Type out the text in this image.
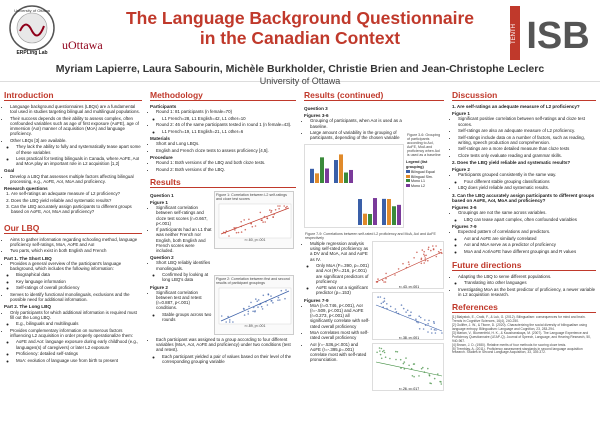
University of Ottawa
ERPLing Lab
uOttawa
The Language Background Questionnaire in the Canadian Context	TENTH ISB
Myriam Lapierre, Laura Sabourin, Michèle Burkholder, Christie Brien and Jean-Christophe Leclerc
University of Ottawa
Introduction
• Language background questionnaires (LBQs) are a fundamental tool used in studies targeting bilingual and multilingual populations.
• Their success depends on their ability to assess complex, often confounded variables such as age of first exposure (AoFE), age of immersion (AoI) manner of acquisition (MoA) and language proficiency.
• Other LBQs [3] are available.
◦ They lack the ability to fully and systematically tease apart some of these variables
◦ Less practical for testing bilinguals in Canada, where AoFE, AoI and MoA play an important role in L2 acquisition [1,2]
Goal
• Develop a LBQ that assesses multiple factors affecting bilingual processing, e.g., AoFE, AoI, MoA and proficiency.
Research questions
1. Are self-ratings an adequate measure of L2 proficiency?
2. Does the LBQ yield reliable and systematic results?
3. Can the LBQ accurately assign participants to different groups based on AoFE, AoI, MoA and proficiency?
Our LBQ
• Aims to gather information regarding schooling method, language proficiency self-ratings, MoA, AoFE and AoI
• Two parts, which exist in both English and French
Part 1. The Short LBQ
• Provides a general overview of the participant's language background, which includes the following information:
◦ Biographical data
◦ Key language information
◦ Self-ratings of overall proficiency
• Serves to identify functional monolinguals, exclusions and the possible need for additional information.
Part 2. The Long LBQ
• Only participants for which additional information is required must fill out the Long LBQ.
◦ E.g., bilinguals and multilinguals
• Provides complementary information on numerous factors influencing L2 acquisition in order properly operationalize them:
◦ AoFE and AoI: language exposure during early childhood (e.g., languages(s) of caregivers) or later L2 exposure
◦ Proficiency: detailed self-ratings
◦ MoA: evolution of language use from birth to present
Methodology
Participants
• Round 1: 81 participants (n female=70)
◦ L1 French=28, L1 English=42, L1 other=10
• Round 2: 46 of the same participants tested in round 1 (n female=43).
◦ L1 French=19, L1 English=21, L1 other=6
Materials
• Short and Long LBQs.
• English and French cloze tests to assess proficiency [4,5].
Procedure
• Round 1: Both versions of the LBQ and both cloze tests.
• Round 2: Both versions of the LBQ.
Results
Question 1
Figure 1
• Significant correlation between self-ratings and cloze test scores (r=0.667, p<.001)
• If participants had an L1 that was neither French nor English, both English and French scores were included.
Question 2
• Short LBQ reliably identifies monolinguals.
◦ Confirmed by looking at long LBQ's data
Figure 2
• Significant correlation between test and retest (r=0.887, p<.001) conditions.
◦ Stable groups across two rounds
Figure 1: Correlation between L2 self-ratings and cloze test scores
r=.60, p<.001
Figure 2: Correlation between first and second results of participant groupings
r=.89, p<.001
• Each participant was assigned to a group according to four different variables (MoA, AoI, AoFE and proficiency) under two conditions (test and retest).
◦ Each participant yielded a pair of values based on their level of the corresponding grouping variable
Results (continued)
Question 3
Figures 3-6
• Grouping of participants, when AoI is used as a baseline.
• Large amount of variability in the grouping of participants, depending of the chosen variable
Figure 3-6: Grouping of participants according to AoI, AoFE, MoA and proficiency when AoI is used as a baseline
Legend (list grouping)
Bilingual Equal
Bilingual Sim.
Mono L1
Mono L2
Figure 7-9: Correlations between self-rated L2 proficiency and MoA, AoI and AoFE respectively
• Multiple regression analysis using self-rated proficiency as a DV and MoA, AoI and AoFE as IV.
◦ Only MoA (F=.390, p=.001) and AoI (R²=.216, p<.001) are significant predictors of proficiency
◦ AoFE was not a significant predictor (p=.153)
Figures 7-9
• MoA (r=0.746, p<.001), AoI (r=-.509, p<.001) and AoFE (r=0.273, p<.001) all significantly correlate with self-rated overall proficiency
• MoA correlates most with self-rated overall proficiency
• AoI (r=-.536,p<.001) and AoFE (r=-.395,p=.001) correlate most with self-rated pronunciation.
r=.43, p<.001

r=.38, p<.001

r=.26, p=.017
Discussion
1. Are self-ratings an adequate measure of L2 proficiency?
Figure 1
• Significant positive correlation between self-ratings and cloze test scores.
• Self-ratings are also an adequate measure of L2 proficiency.
• Self-ratings include data on a number of factors, such as reading, writing, speech production and comprehension.
• Self-ratings are a more detailed measure than cloze tests
• Cloze tests only evaluate reading and grammar skills.
2. Does the LBQ yield reliable and systematic results?
Figure 2
• Participants grouped consistently in the same way.
◦ Four different stable grouping classifications
• LBQ does yield reliable and systematic results.
3. Can the LBQ accurately assign participants to different groups based on AoFE, AoI, MoA and proficiency?
Figures 3-6
• Groupings are not the same across variables.
◦ LBQ can tease apart complex, often confounded variables
Figures 7-9
• Expected pattern of correlations and predictors.
◦ AoI and AoFE are similarly correlated
◦ AoI and MoA serve as a predictor of proficiency
◦ MoA and AoI/AoFE have different groupings and R values
Future directions
• Adapting the LBQ to serve different populations.
◦ Translating into other languages
• Investigating MoA as the best predictor of proficiency, a newer variable in L2 acquisition research.
References
[1] Bialystok, E., Craik, F., & Luk, G. (2012). Bilingualism: consequences for mind and brain. Trends in Cognitive Sciences, 16(4), 240-250.
[2] Gullifer, J. W., & Titone, D. (2020). Characterizing the social diversity of bilingualism using language entropy. Bilingualism: Language and Cognition, 23, 283-294.
[3] Marian, V., Blumenfeld, H. K., & Kaushanskaya, M. (2007). The Language Experience and Proficiency Questionnaire (LEAP-Q). Journal of Speech, Language, and Hearing Research, 50, 940-967.
[4] Brown, J. D. (1980). Relative merits of four methods for scoring cloze tests.
[5] Tremblay, A. (2011). Proficiency assessment standards in second language acquisition research. Studies in Second Language Acquisition, 33, 339-372.
